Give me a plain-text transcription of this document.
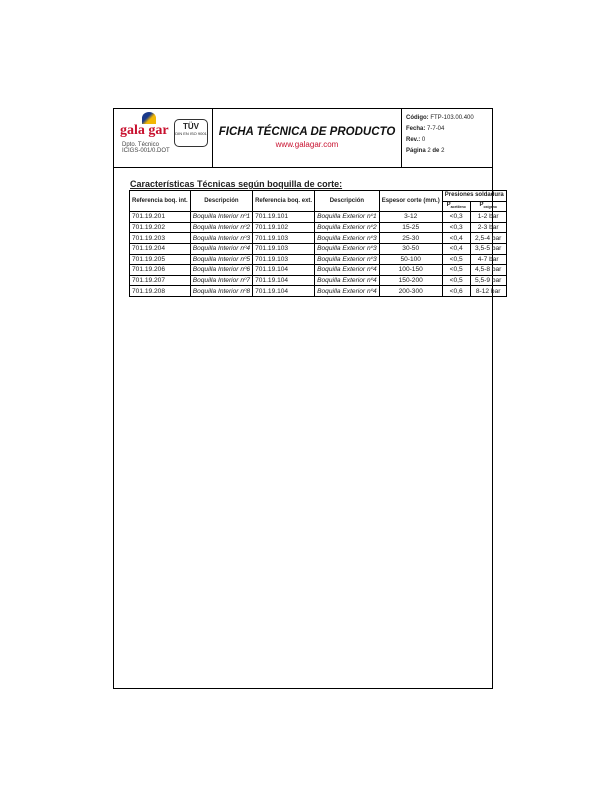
gala gar
Dpto. Técnico
ICIGS-001/0.DOT
TÜV
DIN EN ISO 9001	FICHA TÉCNICA DE PRODUCTO
www.galagar.com
Código: FTP-103.00.400
Fecha: 7-7-04
Rev.: 0
Página 2 de 2
Características Técnicas según boquilla de corte:
Referencia boq. int.	Descripción	Referencia boq. ext.	Descripción	Espesor corte (mm.)	Presiones soldadura	
					$P_{acetileno}$	$P_{oxígeno}$
701.19.201	Boquilla Interior nº1	701.19.101	Boquilla Exterior nº1	3-12	<0,3	1-2 bar
701.19.202	Boquilla Interior nº2	701.19.102	Boquilla Exterior nº2	15-25	<0,3	2-3 bar
701.19.203	Boquilla Interior nº3	701.19.103	Boquilla Exterior nº3	25-30	<0,4	2,5-4 bar
701.19.204	Boquilla Interior nº4	701.19.103	Boquilla Exterior nº3	30-50	<0,4	3,5-5 bar
701.19.205	Boquilla Interior nº5	701.19.103	Boquilla Exterior nº3	50-100	<0,5	4-7 bar
701.19.206	Boquilla Interior nº6	701.19.104	Boquilla Exterior nº4	100-150	<0,5	4,5-8 bar
701.19.207	Boquilla Interior nº7	701.19.104	Boquilla Exterior nº4	150-200	<0,5	5,5-9 bar
701.19.208	Boquilla Interior nº8	701.19.104	Boquilla Exterior nº4	200-300	<0,6	8-12 bar
